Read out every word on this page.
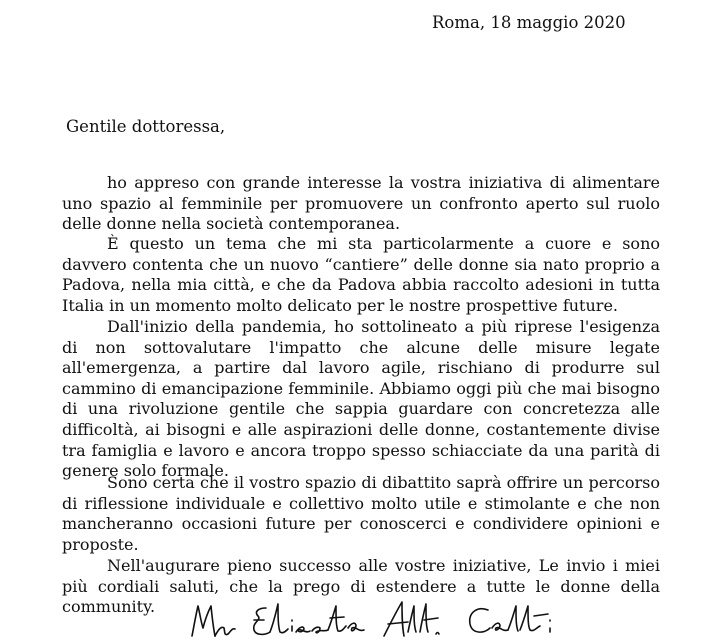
Roma, 18 maggio 2020
Gentile dottoressa,
ho appreso con grande interesse la vostra iniziativa di alimentare
uno spazio al femminile per promuovere un confronto aperto sul ruolo
delle donne nella società contemporanea.
È questo un tema che mi sta particolarmente a cuore e sono
davvero contenta che un nuovo “cantiere” delle donne sia nato proprio a
Padova, nella mia città, e che da Padova abbia raccolto adesioni in tutta
Italia in un momento molto delicato per le nostre prospettive future.
Dall'inizio della pandemia, ho sottolineato a più riprese l'esigenza
di non sottovalutare l'impatto che alcune delle misure legate
all'emergenza, a partire dal lavoro agile, rischiano di produrre sul
cammino di emancipazione femminile. Abbiamo oggi più che mai bisogno
di una rivoluzione gentile che sappia guardare con concretezza alle
difficoltà, ai bisogni e alle aspirazioni delle donne, costantemente divise
tra famiglia e lavoro e ancora troppo spesso schiacciate da una parità di
genere solo formale.
Sono certa che il vostro spazio di dibattito saprà offrire un percorso
di riflessione individuale e collettivo molto utile e stimolante e che non
mancheranno occasioni future per conoscerci e condividere opinioni e
proposte.
Nell'augurare pieno successo alle vostre iniziative, Le invio i miei
più cordiali saluti, che la prego di estendere a tutte le donne della
community.
